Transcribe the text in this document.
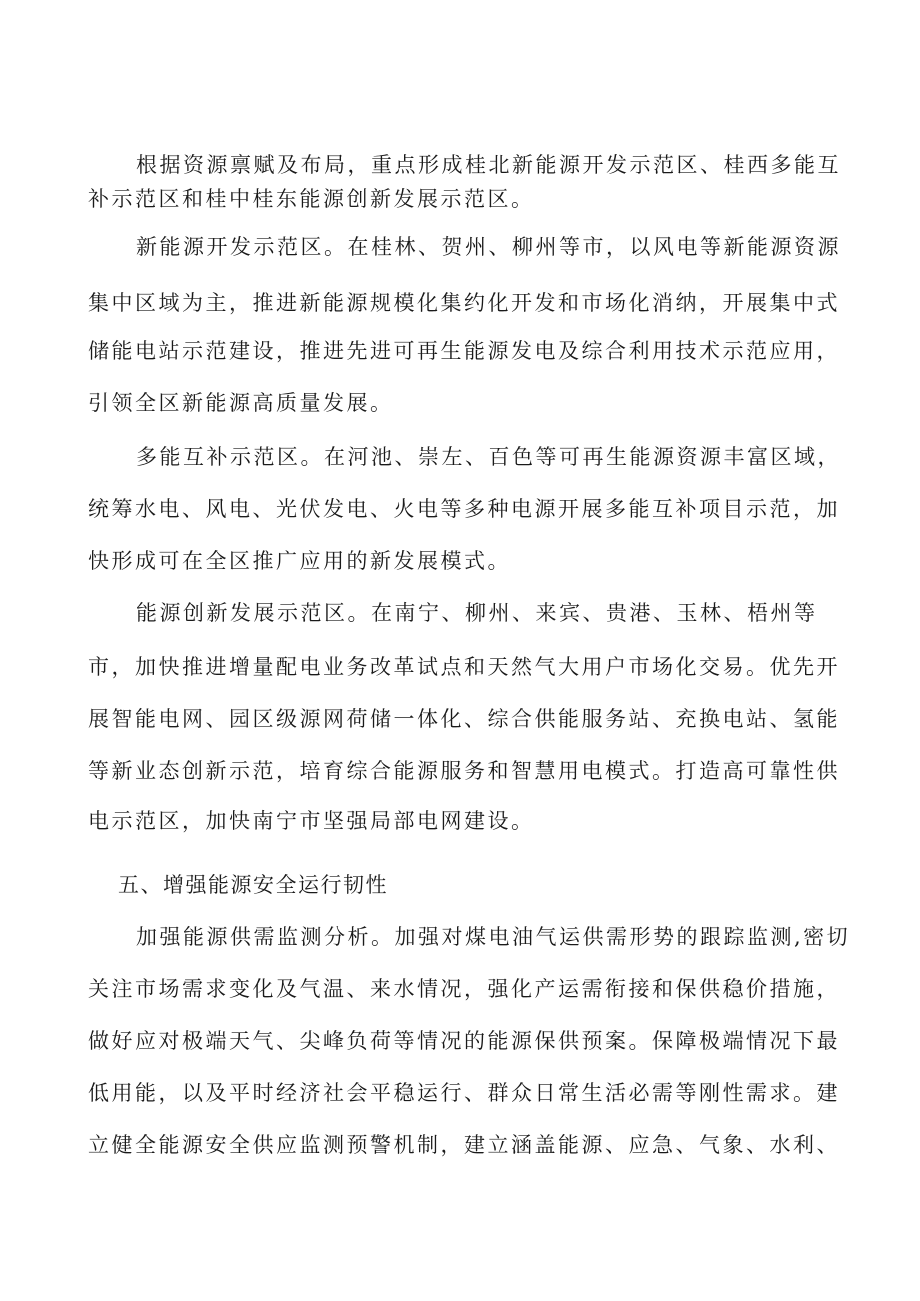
根据资源禀赋及布局，重点形成桂北新能源开发示范区、桂西多能互
补示范区和桂中桂东能源创新发展示范区。
新能源开发示范区。在桂林、贺州、柳州等市，以风电等新能源资源
集中区域为主，推进新能源规模化集约化开发和市场化消纳，开展集中式
储能电站示范建设，推进先进可再生能源发电及综合利用技术示范应用，
引领全区新能源高质量发展。
多能互补示范区。在河池、崇左、百色等可再生能源资源丰富区域，
统筹水电、风电、光伏发电、火电等多种电源开展多能互补项目示范，加
快形成可在全区推广应用的新发展模式。
能源创新发展示范区。在南宁、柳州、来宾、贵港、玉林、梧州等
市，加快推进增量配电业务改革试点和天然气大用户市场化交易。优先开
展智能电网、园区级源网荷储一体化、综合供能服务站、充换电站、氢能
等新业态创新示范，培育综合能源服务和智慧用电模式。打造高可靠性供
电示范区，加快南宁市坚强局部电网建设。
五、增强能源安全运行韧性
加强能源供需监测分析。加强对煤电油气运供需形势的跟踪监测,密切
关注市场需求变化及气温、来水情况，强化产运需衔接和保供稳价措施，
做好应对极端天气、尖峰负荷等情况的能源保供预案。保障极端情况下最
低用能，以及平时经济社会平稳运行、群众日常生活必需等刚性需求。建
立健全能源安全供应监测预警机制，建立涵盖能源、应急、气象、水利、
